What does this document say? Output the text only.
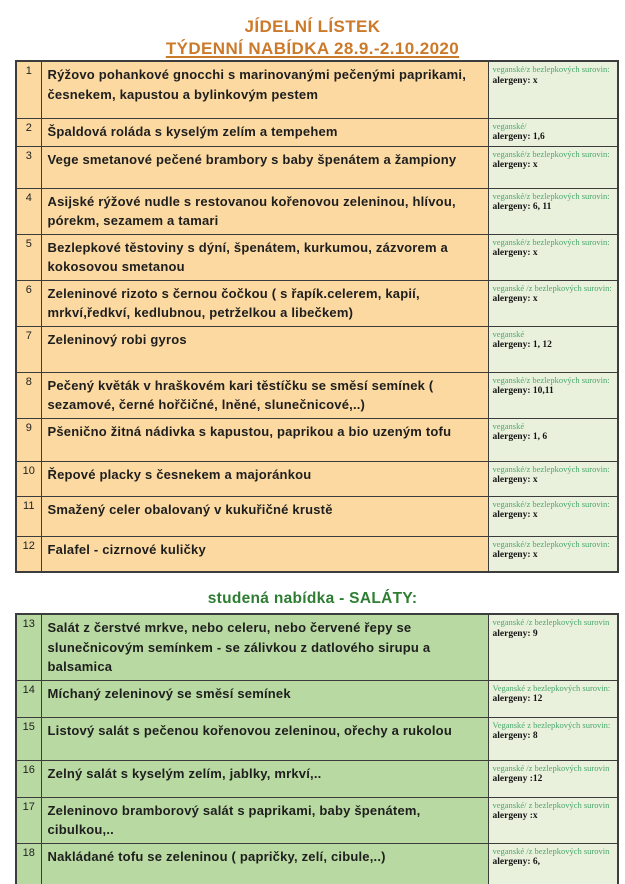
JÍDELNÍ LÍSTEK
TÝDENNÍ NABÍDKA 28.9.-2.10.2020
1	Rýžovo pohankové gnocchi s marinovanými pečenými paprikami, česnekem, kapustou a bylinkovým pestem	veganské/z bezlepkových surovin:
alergeny: x

2	Špaldová roláda s kyselým zelím a tempehem	veganské/
alergeny: 1,6

3	Vege smetanové pečené brambory s baby špenátem a žampiony	veganské/z bezlepkových surovin:
alergeny: x

4	Asijské rýžové nudle s restovanou kořenovou zeleninou, hlívou, pórekm, sezamem a tamari	veganské/z bezlepkových surovin:
alergeny: 6, 11

5	Bezlepkové těstoviny s dýní, špenátem, kurkumou, zázvorem a kokosovou smetanou	veganské/z bezlepkových surovin:
alergeny: x

6	Zeleninové rizoto s černou čočkou ( s řapík.celerem, kapií, mrkví,ředkví, kedlubnou, petrželkou a libečkem)	veganské /z bezlepkových surovin:
alergeny: x

7	Zeleninový robi gyros	veganské
alergeny: 1, 12

8	Pečený květák v hraškovém kari těstíčku se směsí semínek ( sezamové, černé hořčičné, lněné, slunečnicové,..)	veganské/z bezlepkových surovin:
alergeny: 10,11

9	Pšenično žitná nádivka s kapustou, paprikou a bio uzeným tofu	veganské
alergeny: 1, 6

10	Řepové placky s česnekem a majoránkou	veganské/z bezlepkových surovin:
alergeny: x

11	Smažený celer obalovaný v kukuřičné krustě	veganské/z bezlepkových surovin:
alergeny: x

12	Falafel - cizrnové kuličky	veganské/z bezlepkových surovin:
alergeny: x
studená nabídka - SALÁTY:
13	Salát z čerstvé mrkve, nebo celeru, nebo červené řepy se slunečnicovým semínkem - se zálivkou z datlového sirupu a balsamica	veganské /z bezlepkových surovin
alergeny: 9

14	Míchaný zeleninový se směsí semínek	Veganské z bezlepkových surovin:
alergeny: 12

15	Listový salát s pečenou kořenovou zeleninou, ořechy a rukolou	Veganské z bezlepkových surovin:
alergeny: 8

16	Zelný salát s kyselým zelím, jablky, mrkví,..	veganské /z bezlepkových surovin
alergeny :12

17	Zeleninovo bramborový salát s paprikami, baby špenátem, cibulkou,..	veganské/ z bezlepkových surovin
alergeny :x

18	Nakládané tofu se zeleninou ( papričky, zelí, cibule,..)	veganské /z bezlepkových surovin
alergeny: 6,
